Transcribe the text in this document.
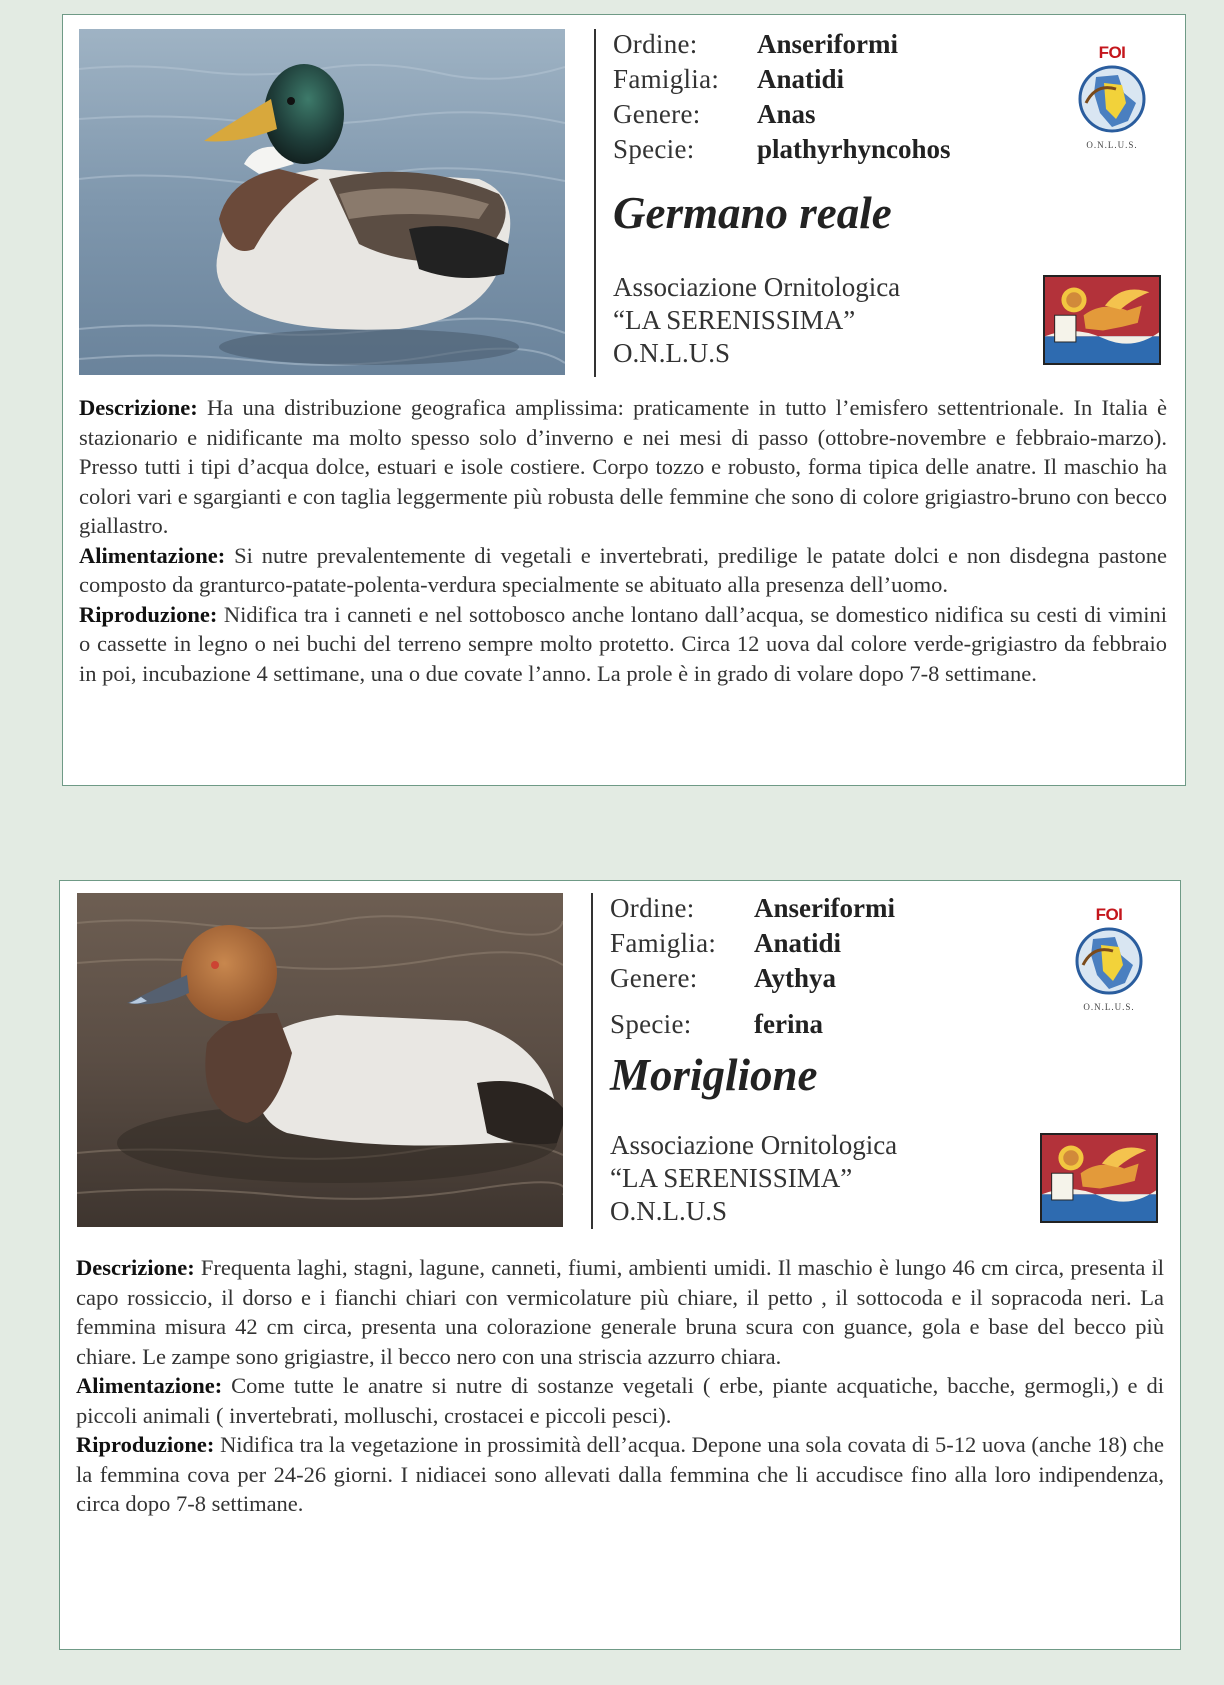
Ordine: Anseriformi
Famiglia: Anatidi
Genere: Anas
Specie: plathyrhyncohos
FOI
O.N.L.U.S.
Germano reale
Associazione Ornitologica
“LA SERENISSIMA”
O.N.L.U.S

Descrizione: Ha una distribuzione geografica amplissima: praticamente in tutto l’emisfero settentrionale. In Italia è stazionario e nidificante ma molto spesso solo d’inverno e nei mesi di passo (ottobre-novembre e febbraio-marzo). Presso tutti i tipi d’acqua dolce, estuari e isole costiere. Corpo tozzo e robusto, forma tipica delle anatre. Il maschio ha colori vari e sgargianti e con taglia leggermente più robusta delle femmine che sono di colore grigiastro-bruno con becco giallastro.

Alimentazione: Si nutre prevalentemente di vegetali e invertebrati, predilige le patate dolci e non disdegna pastone composto da granturco-patate-polenta-verdura specialmente se abituato alla presenza dell’uomo.

Riproduzione: Nidifica tra i canneti e nel sottobosco anche lontano dall’acqua, se domestico nidifica su cesti di vimini o cassette in legno o nei buchi del terreno sempre molto protetto. Circa 12 uova dal colore verde-grigiastro da febbraio in poi, incubazione 4 settimane, una o due covate l’anno. La prole è in grado di volare dopo 7-8 settimane.

Ordine: Anseriformi
Famiglia: Anatidi
Genere: Aythya
Specie: ferina
FOI
O.N.L.U.S.
Moriglione
Associazione Ornitologica
“LA SERENISSIMA”
O.N.L.U.S

Descrizione: Frequenta laghi, stagni, lagune, canneti, fiumi, ambienti umidi. Il maschio è lungo 46 cm circa, presenta il capo rossiccio, il dorso e i fianchi chiari con vermicolature più chiare, il petto , il sottocoda e il sopracoda neri. La femmina misura 42 cm circa, presenta una colorazione generale bruna scura con guance, gola e base del becco più chiare. Le zampe sono grigiastre, il becco nero con una striscia azzurro chiara.

Alimentazione: Come tutte le anatre si nutre di sostanze vegetali ( erbe, piante acquatiche, bacche, germogli,) e di piccoli animali ( invertebrati, molluschi, crostacei e piccoli pesci).

Riproduzione: Nidifica tra la vegetazione in prossimità dell’acqua. Depone una sola covata di 5-12 uova (anche 18) che la femmina cova per 24-26 giorni. I nidiacei sono allevati dalla femmina che li accudisce fino alla loro indipendenza, circa dopo 7-8 settimane.
